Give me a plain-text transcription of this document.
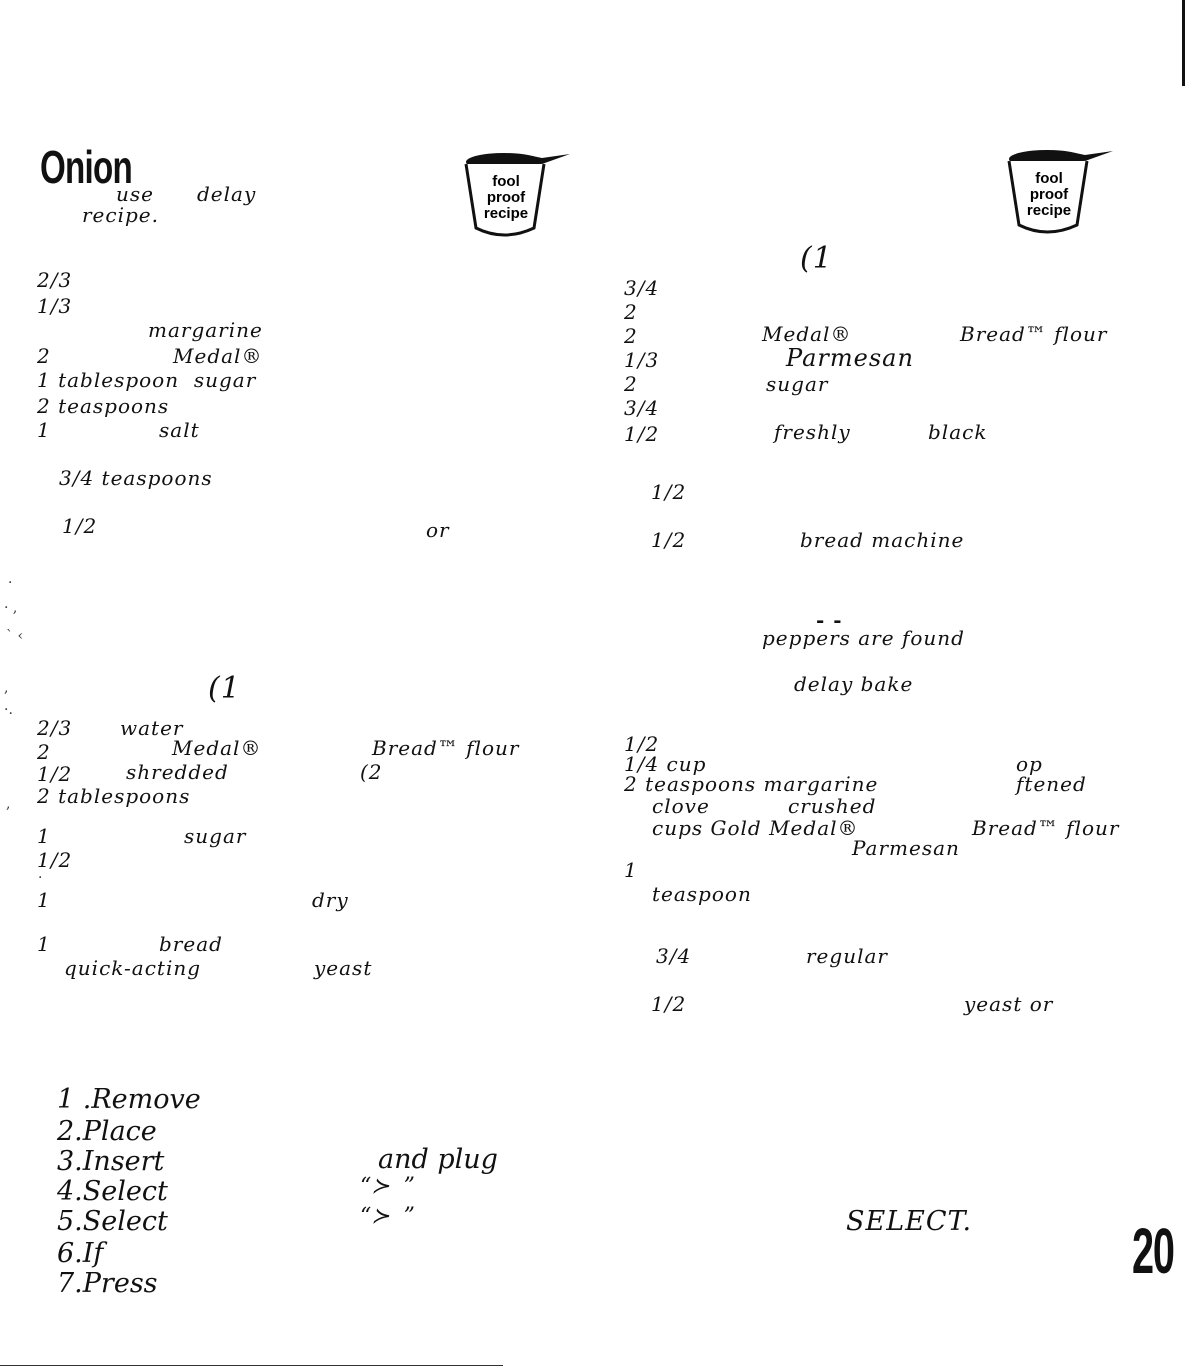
Onion	fool
proof
recipe
fool
proof
recipe
use delay
recipe.
2/3
1/3
margarine
2	Medal®
1 tablespoon  sugar
2 teaspoons
1	salt
3/4 teaspoons
1/2	or
·
· ,
` ‹
,
·.
,
·
(1
2/3 water
2	Medal®	Bread™ flour
1/2	shredded	(2
2 tablespoons
1	sugar
1/2
1	dry
1	bread
quick-acting	yeast
1 .Remove
2.Place
3.Insert	and plug
4.Select	“≻  ”
5.Select	“≻  ”
6.If
7.Press
SELECT.
(1
3/4
2
2	Medal®	Bread™ flour
1/3	Parmesan
2	sugar
3/4
1/2	freshly	black
1/2
1/2	bread machine
- -
peppers are found
delay bake
1/2
1/4 cup	op
2 teaspoons margarine	ftened
clove	crushed
cups Gold Medal®	Bread™ flour
Parmesan
1
teaspoon
3/4	regular
1/2	yeast or
20
